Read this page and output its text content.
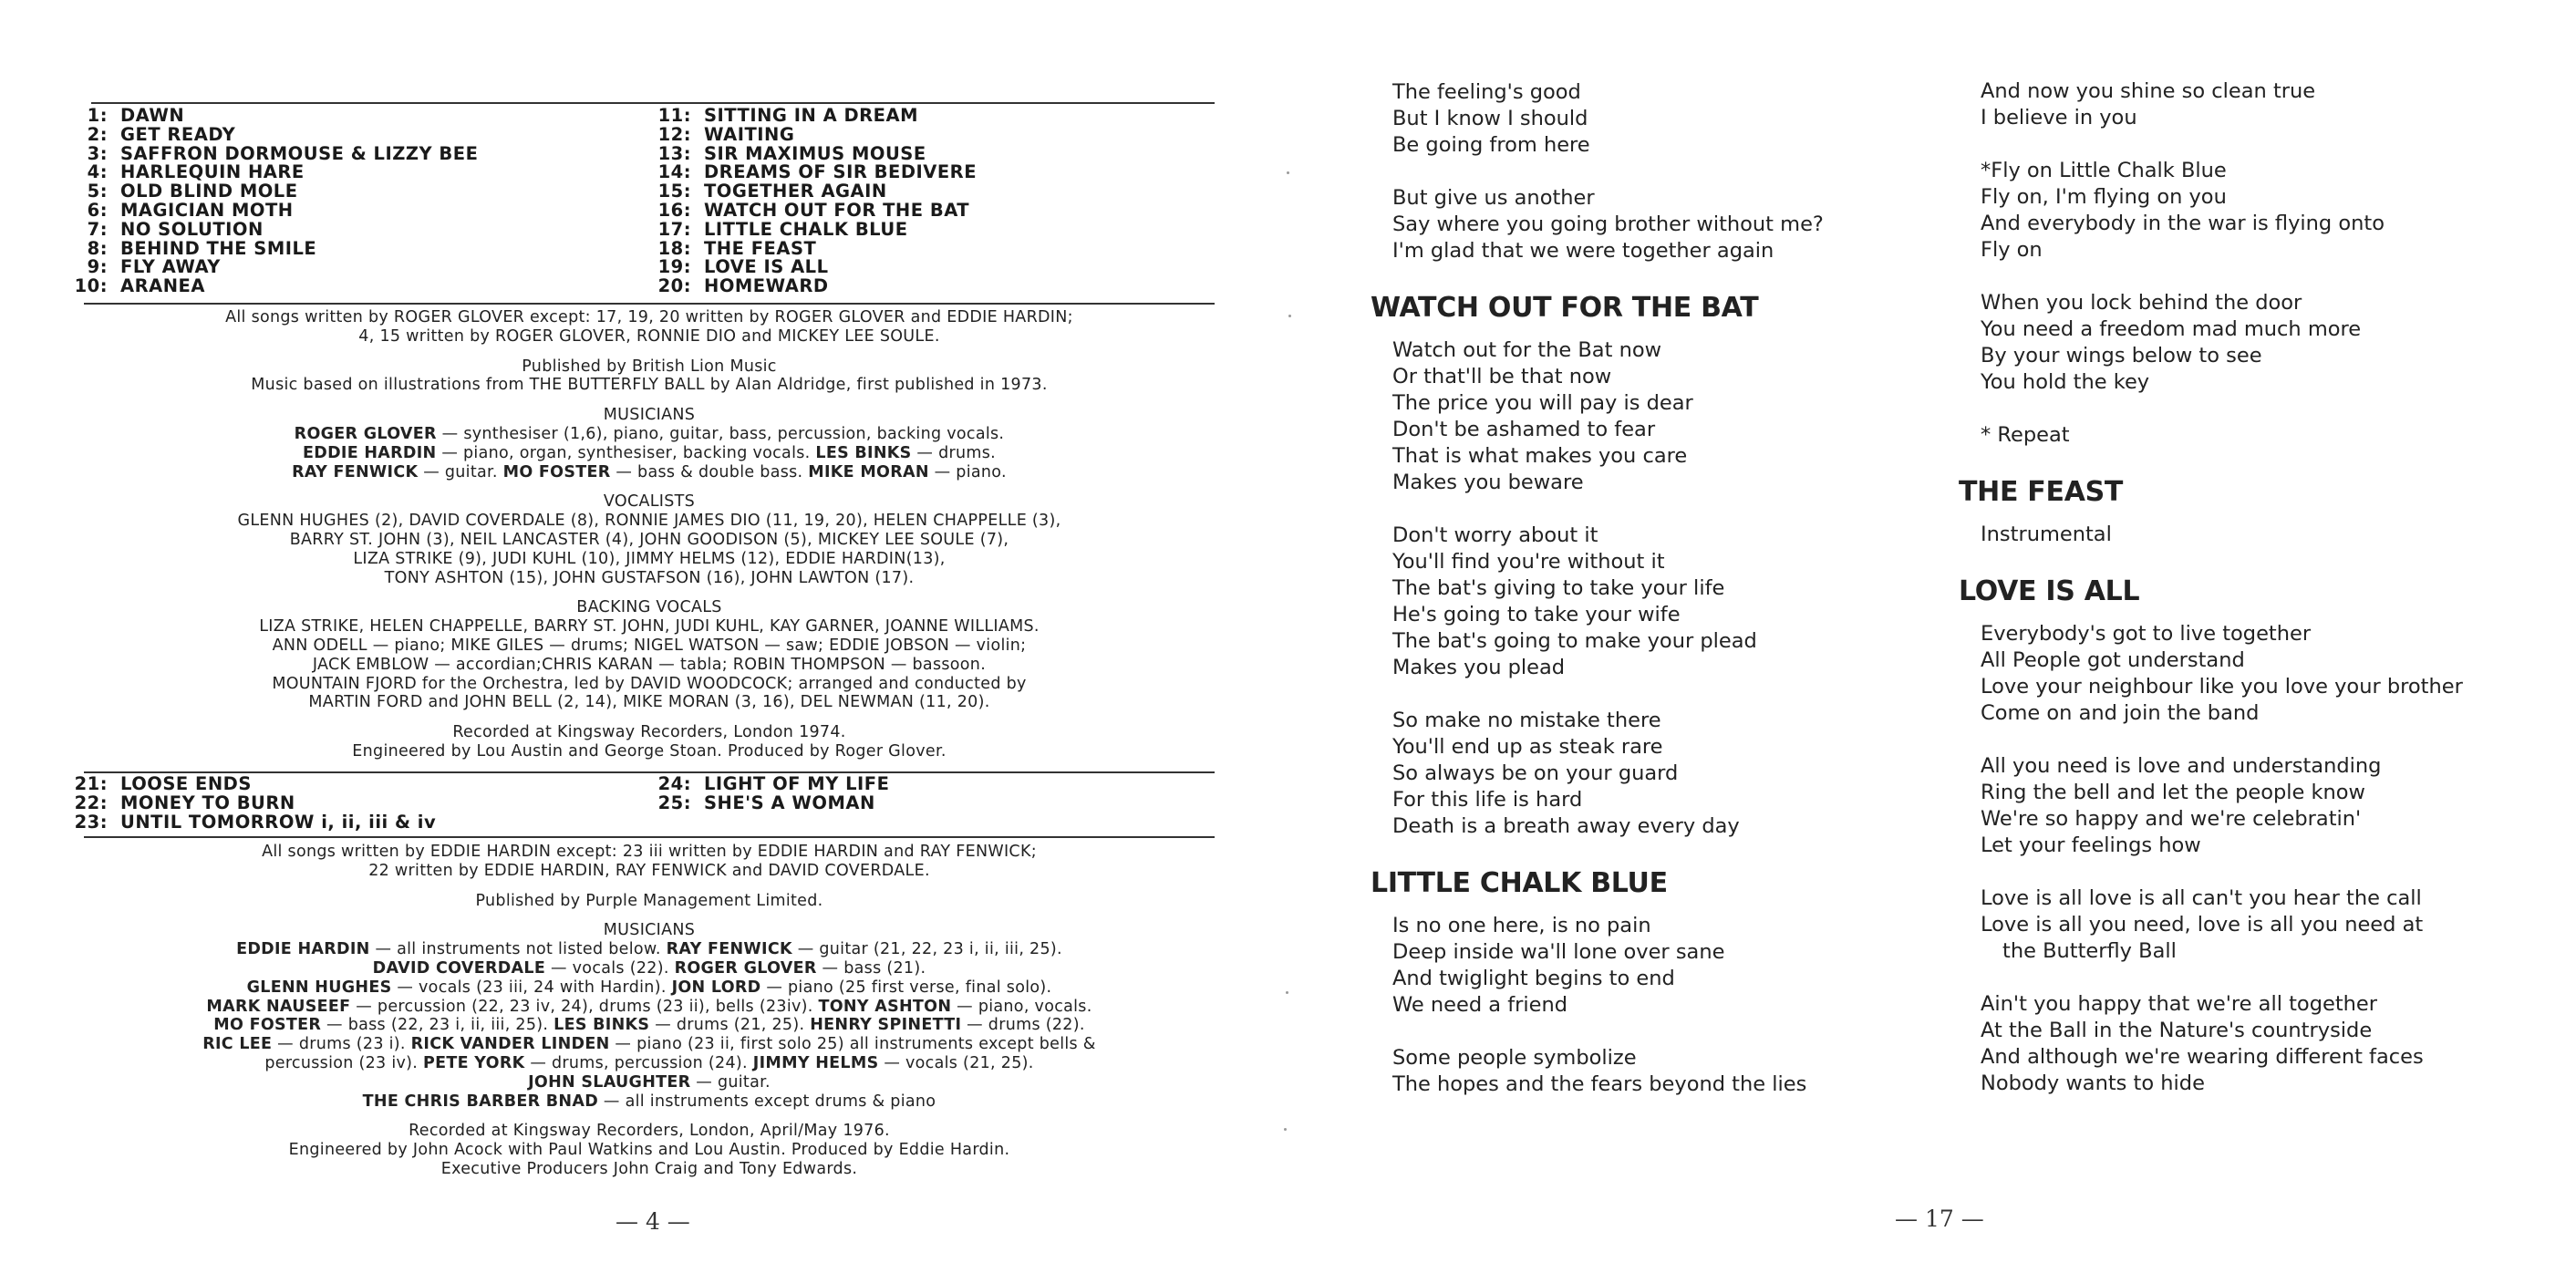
1: DAWN
2: GET READY
3: SAFFRON DORMOUSE & LIZZY BEE
4: HARLEQUIN HARE
5: OLD BLIND MOLE
6: MAGICIAN MOTH
7: NO SOLUTION
8: BEHIND THE SMILE
9: FLY AWAY
10: ARANEA
11: SITTING IN A DREAM
12: WAITING
13: SIR MAXIMUS MOUSE
14: DREAMS OF SIR BEDIVERE
15: TOGETHER AGAIN
16: WATCH OUT FOR THE BAT
17: LITTLE CHALK BLUE
18: THE FEAST
19: LOVE IS ALL
20: HOMEWARD
All songs written by ROGER GLOVER except: 17, 19, 20 written by ROGER GLOVER and EDDIE HARDIN;
4, 15 written by ROGER GLOVER, RONNIE DIO and MICKEY LEE SOULE.
Published by British Lion Music
Music based on illustrations from THE BUTTERFLY BALL by Alan Aldridge, first published in 1973.
MUSICIANS
ROGER GLOVER — synthesiser (1,6), piano, guitar, bass, percussion, backing vocals.
EDDIE HARDIN — piano, organ, synthesiser, backing vocals. LES BINKS — drums.
RAY FENWICK — guitar. MO FOSTER — bass & double bass. MIKE MORAN — piano.
VOCALISTS
GLENN HUGHES (2), DAVID COVERDALE (8), RONNIE JAMES DIO (11, 19, 20), HELEN CHAPPELLE (3),
BARRY ST. JOHN (3), NEIL LANCASTER (4), JOHN GOODISON (5), MICKEY LEE SOULE (7),
LIZA STRIKE (9), JUDI KUHL (10), JIMMY HELMS (12), EDDIE HARDIN(13),
TONY ASHTON (15), JOHN GUSTAFSON (16), JOHN LAWTON (17).
BACKING VOCALS
LIZA STRIKE, HELEN CHAPPELLE, BARRY ST. JOHN, JUDI KUHL, KAY GARNER, JOANNE WILLIAMS.
ANN ODELL — piano; MIKE GILES — drums; NIGEL WATSON — saw; EDDIE JOBSON — violin;
JACK EMBLOW — accordian;CHRIS KARAN — tabla; ROBIN THOMPSON — bassoon.
MOUNTAIN FJORD for the Orchestra, led by DAVID WOODCOCK; arranged and conducted by
MARTIN FORD and JOHN BELL (2, 14), MIKE MORAN (3, 16), DEL NEWMAN (11, 20).
Recorded at Kingsway Recorders, London 1974.
Engineered by Lou Austin and George Stoan. Produced by Roger Glover.
21: LOOSE ENDS
22: MONEY TO BURN
23: UNTIL TOMORROW i, ii, iii & iv
24: LIGHT OF MY LIFE
25: SHE'S A WOMAN
All songs written by EDDIE HARDIN except: 23 iii written by EDDIE HARDIN and RAY FENWICK;
22 written by EDDIE HARDIN, RAY FENWICK and DAVID COVERDALE.
Published by Purple Management Limited.
MUSICIANS
EDDIE HARDIN — all instruments not listed below. RAY FENWICK — guitar (21, 22, 23 i, ii, iii, 25).
DAVID COVERDALE — vocals (22). ROGER GLOVER — bass (21).
GLENN HUGHES — vocals (23 iii, 24 with Hardin). JON LORD — piano (25 first verse, final solo).
MARK NAUSEEF — percussion (22, 23 iv, 24), drums (23 ii), bells (23iv). TONY ASHTON — piano, vocals.
MO FOSTER — bass (22, 23 i, ii, iii, 25). LES BINKS — drums (21, 25). HENRY SPINETTI — drums (22).
RIC LEE — drums (23 i). RICK VANDER LINDEN — piano (23 ii, first solo 25) all instruments except bells &
percussion (23 iv). PETE YORK — drums, percussion (24). JIMMY HELMS — vocals (21, 25).
JOHN SLAUGHTER — guitar.
THE CHRIS BARBER BNAD — all instruments except drums & piano
Recorded at Kingsway Recorders, London, April/May 1976.
Engineered by John Acock with Paul Watkins and Lou Austin. Produced by Eddie Hardin.
Executive Producers John Craig and Tony Edwards.
— 4 —
The feeling's good
But I know I should
Be going from here
But give us another
Say where you going brother without me?
I'm glad that we were together again
WATCH OUT FOR THE BAT
Watch out for the Bat now
Or that'll be that now
The price you will pay is dear
Don't be ashamed to fear
That is what makes you care
Makes you beware
Don't worry about it
You'll find you're without it
The bat's giving to take your life
He's going to take your wife
The bat's going to make your plead
Makes you plead
So make no mistake there
You'll end up as steak rare
So always be on your guard
For this life is hard
Death is a breath away every day
LITTLE CHALK BLUE
Is no one here, is no pain
Deep inside wa'll lone over sane
And twiglight begins to end
We need a friend
Some people symbolize
The hopes and the fears beyond the lies
And now you shine so clean true
I believe in you
*Fly on Little Chalk Blue
Fly on, I'm flying on you
And everybody in the war is flying onto
Fly on
When you lock behind the door
You need a freedom mad much more
By your wings below to see
You hold the key
* Repeat
THE FEAST
Instrumental
LOVE IS ALL
Everybody's got to live together
All People got understand
Love your neighbour like you love your brother
Come on and join the band
All you need is love and understanding
Ring the bell and let the people know
We're so happy and we're celebratin'
Let your feelings how
Love is all love is all can't you hear the call
Love is all you need, love is all you need at
the Butterfly Ball
Ain't you happy that we're all together
At the Ball in the Nature's countryside
And although we're wearing different faces
Nobody wants to hide
— 17 —
